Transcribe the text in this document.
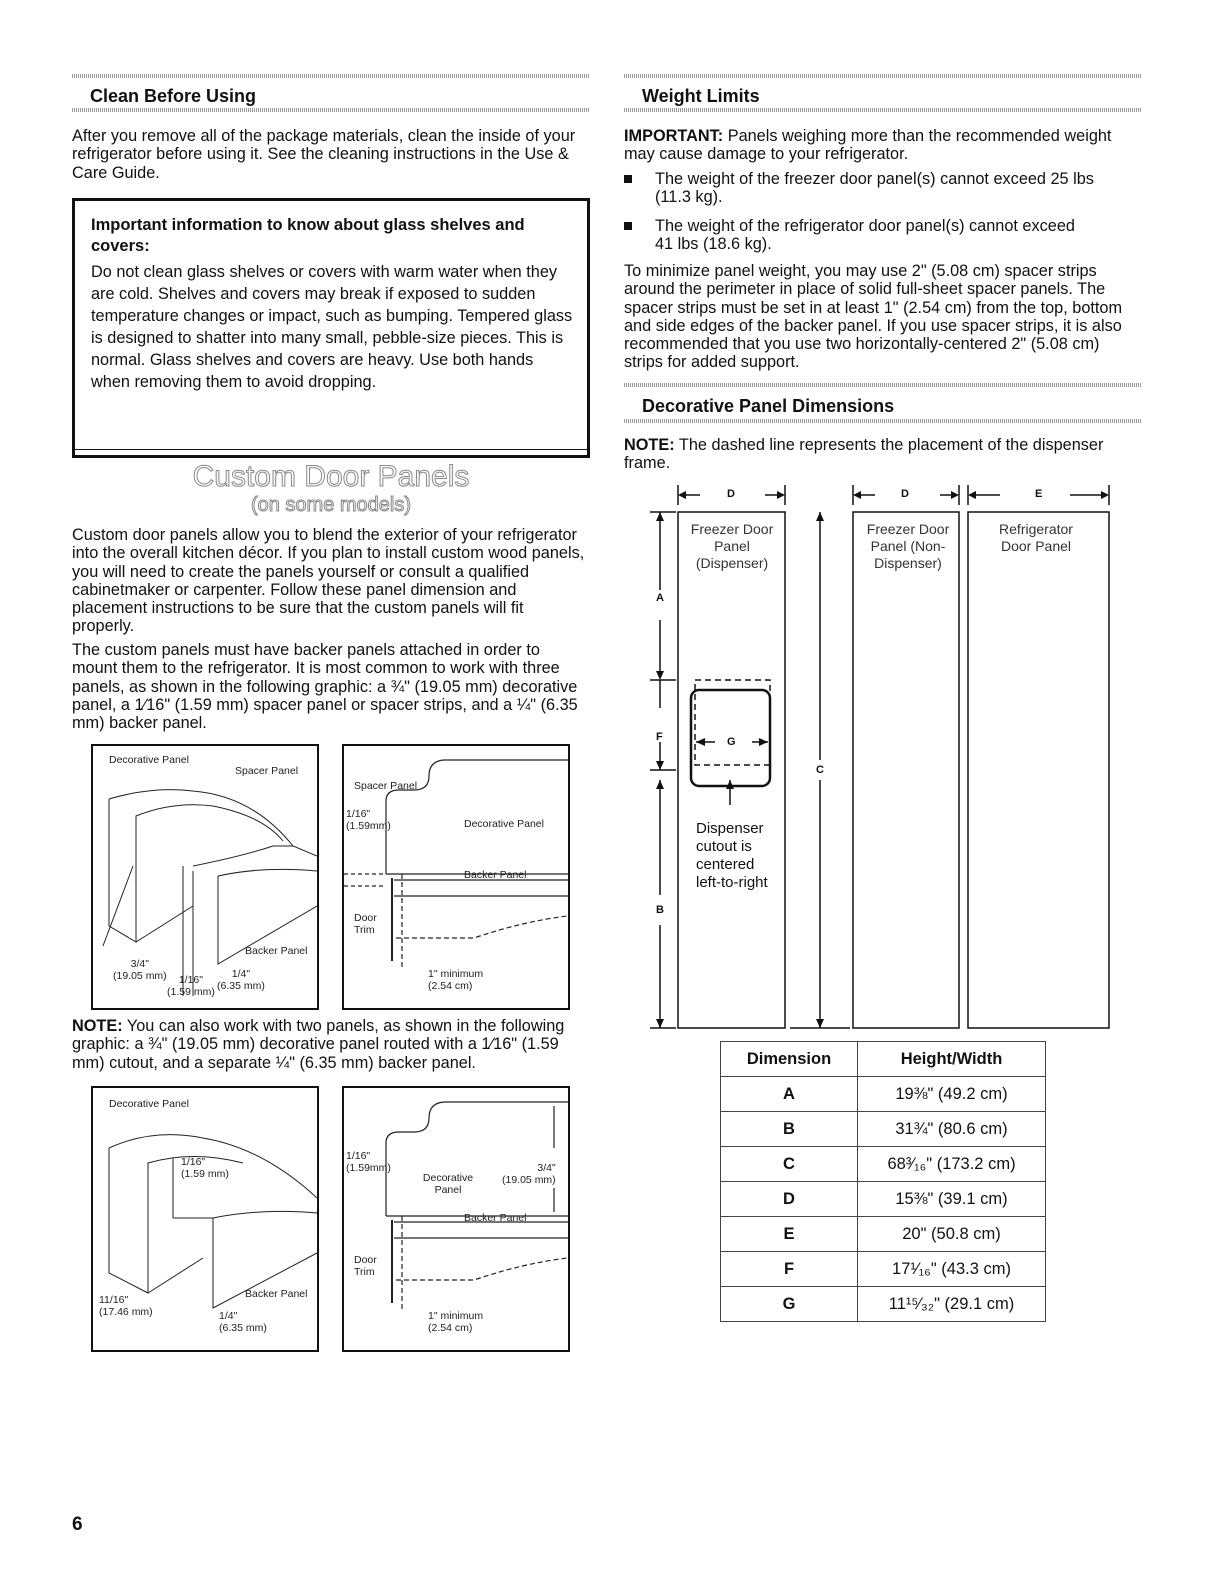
Clean Before Using
After you remove all of the package materials, clean the inside of your refrigerator before using it. See the cleaning instructions in the Use & Care Guide.
Important information to know about glass shelves and covers:
Do not clean glass shelves or covers with warm water when they are cold. Shelves and covers may break if exposed to sudden temperature changes or impact, such as bumping. Tempered glass is designed to shatter into many small, pebble-size pieces. This is normal. Glass shelves and covers are heavy. Use both hands when removing them to avoid dropping.
Custom Door Panels
(on some models)
Custom door panels allow you to blend the exterior of your refrigerator into the overall kitchen décor. If you plan to install custom wood panels, you will need to create the panels yourself or consult a qualified cabinetmaker or carpenter. Follow these panel dimension and placement instructions to be sure that the custom panels will fit properly.
The custom panels must have backer panels attached in order to mount them to the refrigerator. It is most common to work with three panels, as shown in the following graphic: a ¾" (19.05 mm) decorative panel, a 1⁄16" (1.59 mm) spacer panel or spacer strips, and a ¼" (6.35 mm) backer panel.
Decorative Panel
Spacer Panel
Backer Panel
3/4"
(19.05 mm)	1/16"
(1.59 mm)
1/4"
(6.35 mm)
Spacer Panel
Decorative Panel
Backer Panel
1/16"
(1.59mm)
Door Trim
1" minimum
(2.54 cm)
NOTE: You can also work with two panels, as shown in the following graphic: a ¾" (19.05 mm) decorative panel routed with a 1⁄16" (1.59 mm) cutout, and a separate ¼" (6.35 mm) backer panel.
Decorative Panel
1/16"
(1.59 mm)
Backer Panel
11/16"
(17.46 mm)	1/4"
(6.35 mm)
1/16"
(1.59mm)
Decorative Panel
3/4"
(19.05 mm)
Backer Panel
Door Trim
1" minimum
(2.54 cm)
6
Weight Limits
IMPORTANT: Panels weighing more than the recommended weight may cause damage to your refrigerator.
The weight of the freezer door panel(s) cannot exceed 25 lbs (11.3 kg).
The weight of the refrigerator door panel(s) cannot exceed 41 lbs (18.6 kg).
To minimize panel weight, you may use 2" (5.08 cm) spacer strips around the perimeter in place of solid full-sheet spacer panels. The spacer strips must be set in at least 1" (2.54 cm) from the top, bottom and side edges of the backer panel. If you use spacer strips, it is also recommended that you use two horizontally-centered 2" (5.08 cm) strips for added support.
Decorative Panel Dimensions
NOTE: The dashed line represents the placement of the dispenser frame.
D	D	E
A
F
B
C
G
Freezer Door Panel (Dispenser)
Freezer Door Panel (Non-Dispenser)
Refrigerator Door Panel
Dispenser cutout is centered left-to-right
Dimension	Height/Width
A	19⅜" (49.2 cm)
B	31¾" (80.6 cm)
C	68³⁄₁₆" (173.2 cm)
D	15⅜" (39.1 cm)
E	20" (50.8 cm)
F	17¹⁄₁₆" (43.3 cm)
G	11¹⁵⁄₃₂" (29.1 cm)
